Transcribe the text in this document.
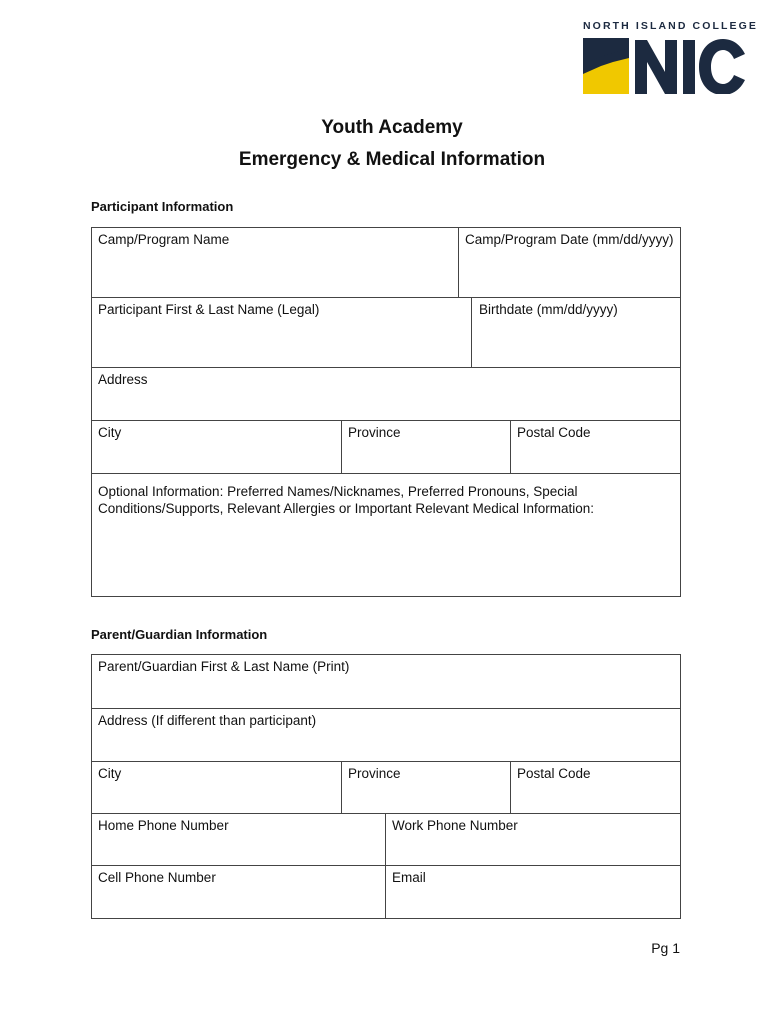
NORTH ISLAND COLLEGE
Youth Academy
Emergency & Medical Information
Participant Information
Camp/Program Name	Camp/Program Date (mm/dd/yyyy)
Participant First & Last Name (Legal)	Birthdate (mm/dd/yyyy)
Address
City	Province	Postal Code
Optional Information: Preferred Names/Nicknames, Preferred Pronouns, Special Conditions/Supports, Relevant Allergies or Important Relevant Medical Information:
Parent/Guardian Information
Parent/Guardian First & Last Name (Print)
Address (If different than participant)
City	Province	Postal Code
Home Phone Number	Work Phone Number
Cell Phone Number	Email
Pg 1
